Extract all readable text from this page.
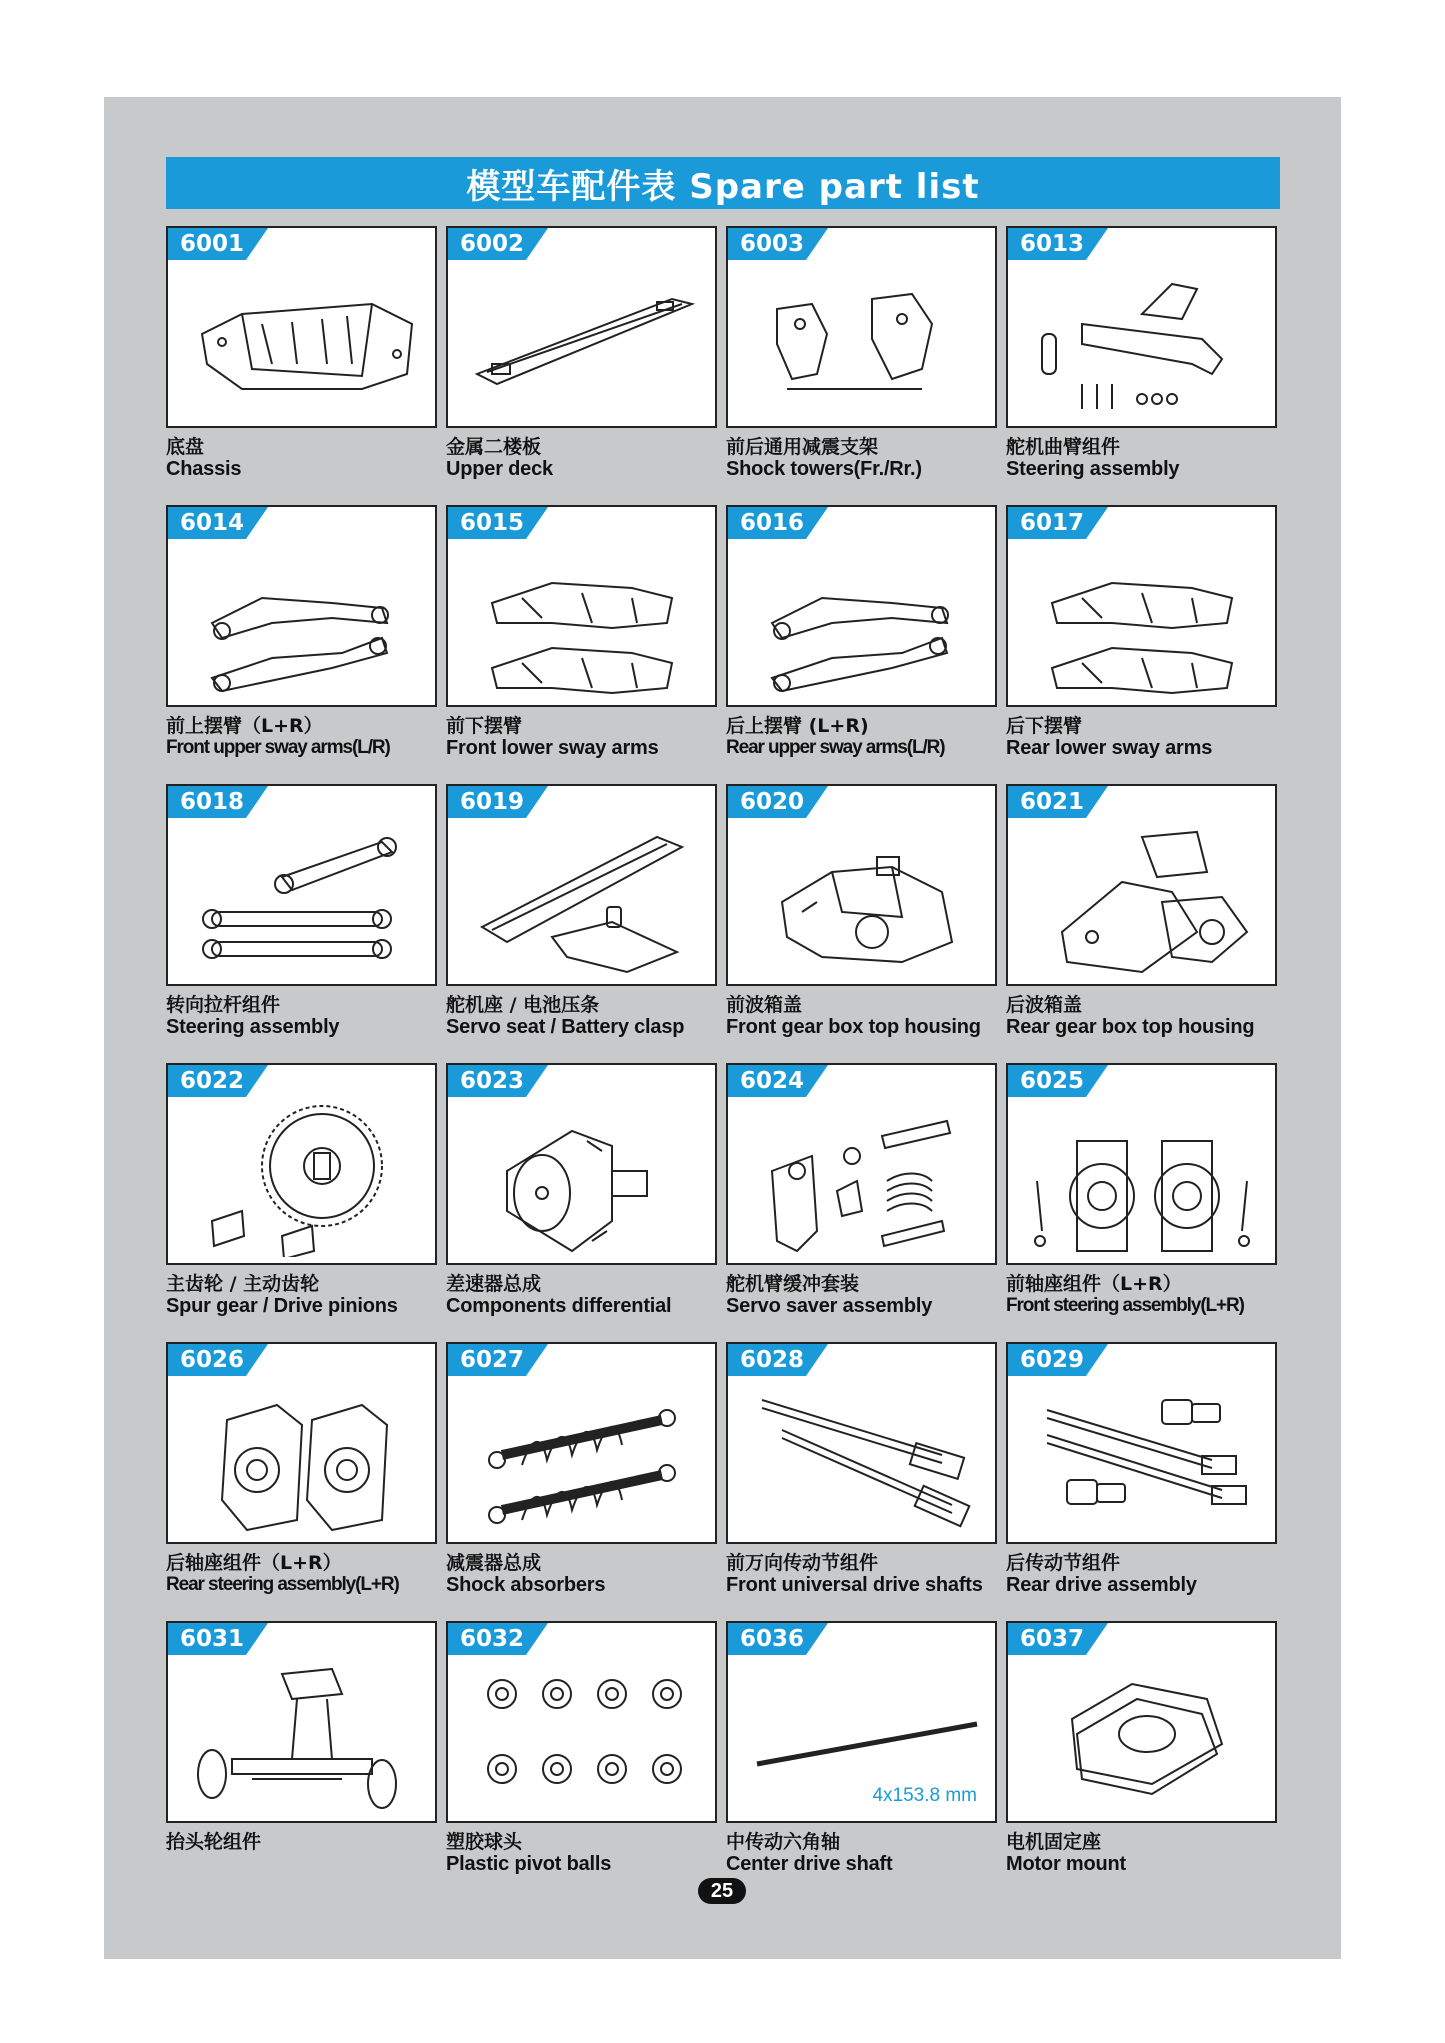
模型车配件表 Spare part list
6001
底盘
Chassis
6002
金属二楼板
Upper deck
6003
前后通用减震支架
Shock towers(Fr./Rr.)
6013
舵机曲臂组件
Steering assembly
6014
前上摆臂（L+R）
Front upper sway arms(L/R)
6015
前下摆臂
Front lower sway arms
6016
后上摆臂 (L+R)
Rear upper sway arms(L/R)
6017
后下摆臂
Rear lower sway arms
6018
转向拉杆组件
Steering assembly
6019
舵机座 / 电池压条
Servo seat / Battery clasp
6020
前波箱盖
Front gear box top housing
6021
后波箱盖
Rear gear box top housing
6022
主齿轮 / 主动齿轮
Spur gear / Drive pinions
6023
差速器总成
Components differential
6024
舵机臂缓冲套装
Servo saver assembly
6025
前轴座组件（L+R）
Front steering assembly(L+R)
6026
后轴座组件（L+R）
Rear steering assembly(L+R)
6027
减震器总成
Shock absorbers
6028
前万向传动节组件
Front universal drive shafts
6029
后传动节组件
Rear drive assembly
6031
抬头轮组件
6032
塑胶球头
Plastic pivot balls
6036
4x153.8 mm
中传动六角轴
Center drive shaft
6037
电机固定座
Motor mount
25
